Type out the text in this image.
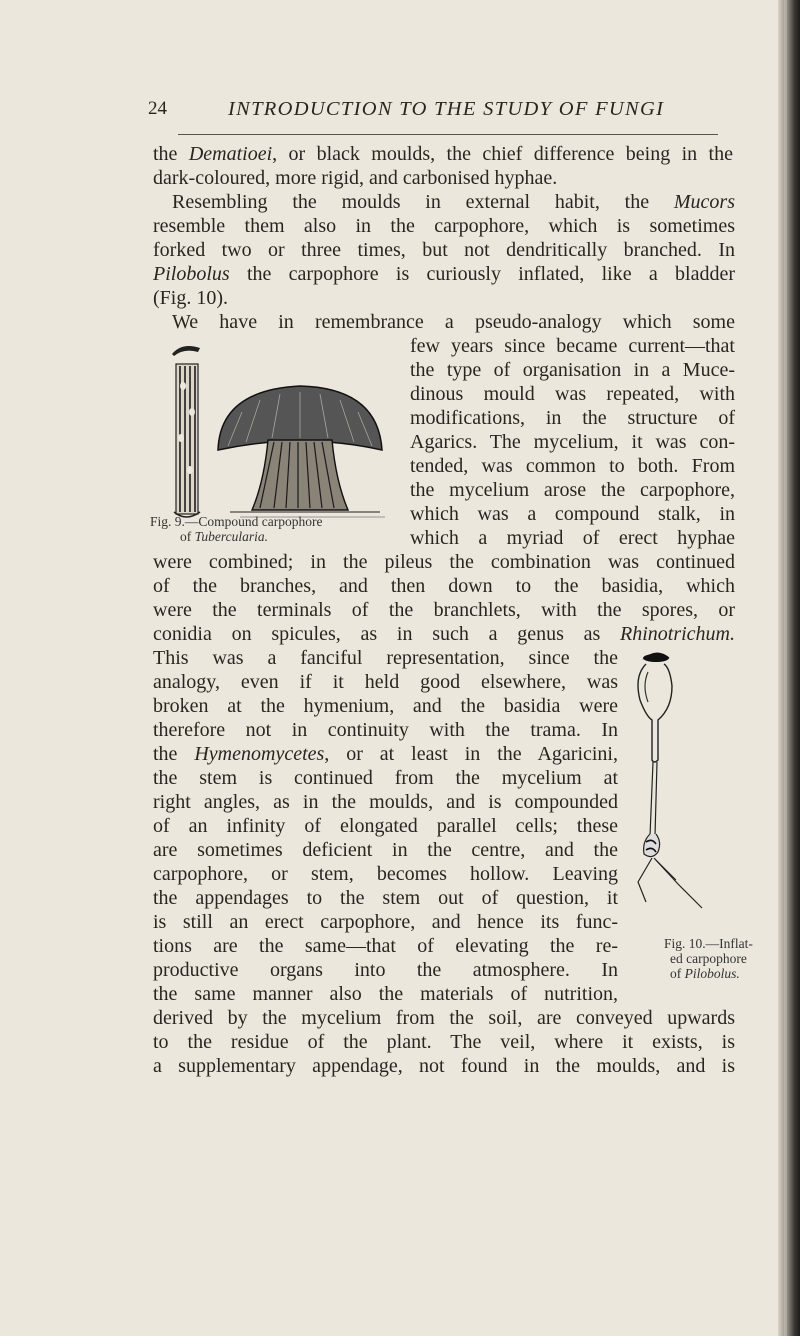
24	INTRODUCTION TO THE STUDY OF FUNGI
the Dematioei, or black moulds, the chief difference being in the
dark-coloured, more rigid, and carbonised hyphae.
Resembling the moulds in external habit, the Mucors
resemble them also in the carpophore, which is sometimes
forked two or three times, but not dendritically branched. In
Pilobolus the carpophore is curiously inflated, like a bladder
(Fig. 10).
We have in remembrance a pseudo-analogy which some
few years since became current—that
the type of organisation in a Muce-
dinous mould was repeated, with
modifications, in the structure of
Agarics. The mycelium, it was con-
tended, was common to both. From
the mycelium arose the carpophore,
which was a compound stalk, in
which a myriad of erect hyphae
were combined; in the pileus the combination was continued
of the branches, and then down to the basidia, which
were the terminals of the branchlets, with the spores, or
conidia on spicules, as in such a genus as Rhinotrichum.
This was a fanciful representation, since the
analogy, even if it held good elsewhere, was
broken at the hymenium, and the basidia were
therefore not in continuity with the trama. In
the Hymenomycetes, or at least in the Agaricini,
the stem is continued from the mycelium at
right angles, as in the moulds, and is compounded
of an infinity of elongated parallel cells; these
are sometimes deficient in the centre, and the
carpophore, or stem, becomes hollow. Leaving
the appendages to the stem out of question, it
is still an erect carpophore, and hence its func-
tions are the same—that of elevating the re-
productive organs into the atmosphere. In
the same manner also the materials of nutrition,
derived by the mycelium from the soil, are conveyed upwards
to the residue of the plant. The veil, where it exists, is
a supplementary appendage, not found in the moulds, and is
Fig. 9.—Compound carpophore
of Tubercularia.
Fig. 10.—Inflat-
ed carpophore
of Pilobolus.
